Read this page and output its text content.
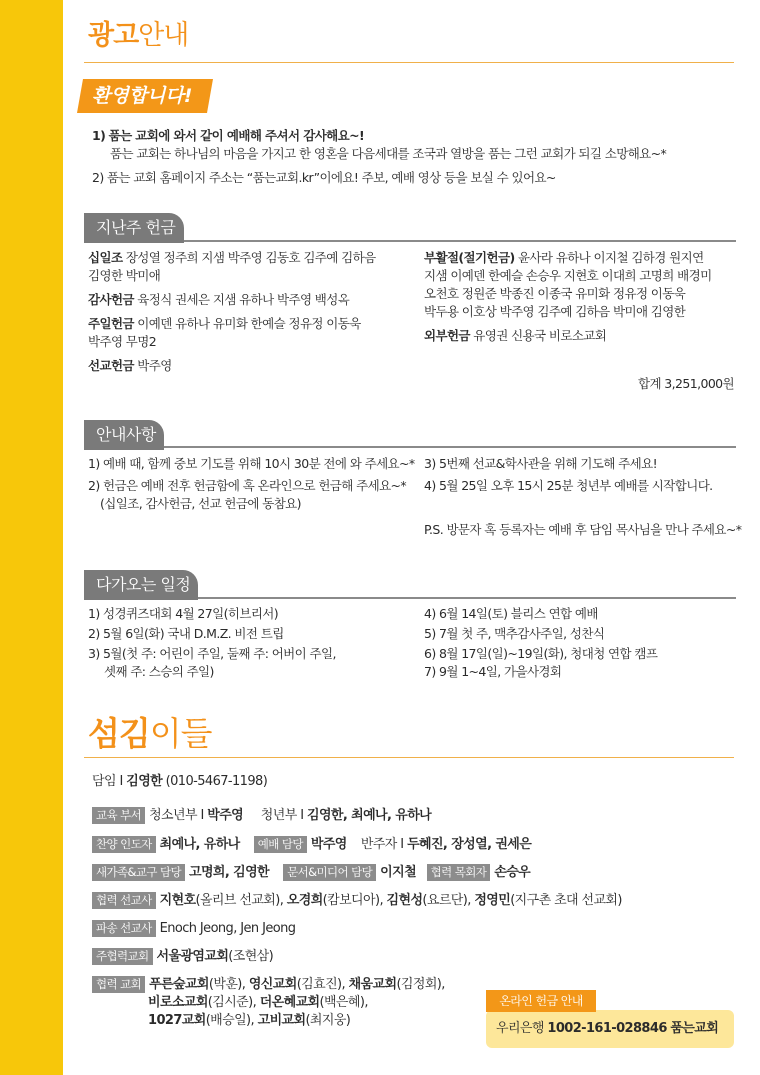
광고안내
환영합니다!
1) 품는 교회에 와서 같이 예배해 주셔서 감사해요~!
품는 교회는 하나님의 마음을 가지고 한 영혼을 다음세대를 조국과 열방을 품는 그런 교회가 되길 소망해요~*
2) 품는 교회 홈페이지 주소는 “품는교회.kr”이에요! 주보, 예배 영상 등을 보실 수 있어요~
지난주 헌금
십일조 장성열 정주희 지샘 박주영 김동호 김주예 김하음
김영한 박미애
감사헌금 육정식 권세은 지샘 유하나 박주영 백성옥
주일헌금 이예덴 유하나 유미화 한예슬 정유정 이동욱
박주영 무명2
선교헌금 박주영
부활절(절기헌금) 윤사라 유하나 이지철 김하경 원지연
지샘 이예덴 한예슬 손승우 지현호 이대희 고명희 배경미
오천호 정원준 박종진 이종국 유미화 정유정 이동욱
박두용 이호상 박주영 김주예 김하음 박미애 김영한
외부헌금 유영권 신용국 비로소교회
합계 3,251,000원
안내사항
1) 예배 때, 함께 중보 기도를 위해 10시 30분 전에 와 주세요~*
2) 헌금은 예배 전후 헌금함에 혹 온라인으로 헌금해 주세요~*
(십일조, 감사헌금, 선교 헌금에 동참요)
3) 5번째 선교&학사관을 위해 기도해 주세요!
4) 5월 25일 오후 15시 25분 청년부 예배를 시작합니다.
P.S. 방문자 혹 등록자는 예배 후 담임 목사님을 만나 주세요~*
다가오는 일정
1) 성경퀴즈대회 4월 27일(히브리서)
2) 5월 6일(화) 국내 D.M.Z. 비전 트립
3) 5월(첫 주: 어린이 주일, 둘째 주: 어버이 주일,
셋째 주: 스승의 주일)
4) 6월 14일(토) 블리스 연합 예배
5) 7월 첫 주, 맥추감사주일, 성찬식
6) 8월 17일(일)~19일(화), 청대청 연합 캠프
7) 9월 1~4일, 가을사경회
섬김이들
담임 I 김영한 (010-5467-1198)
교육 부서 청소년부 I 박주영 청년부 I 김영한, 최예나, 유하나
찬양 인도자 최예나, 유하나 예배 담당 박주영 반주자 I 두혜진, 장성열, 권세은
새가족&교구 담당 고명희, 김영한 문서&미디어 담당 이지철 협력 목회자 손승우
협력 선교사 지현호(올리브 선교회), 오경희(캄보디아), 김현성(요르단), 정영민(지구촌 초대 선교회)
파송 선교사 Enoch Jeong, Jen Jeong
주협력교회 서울광염교회(조현삼)
협력 교회 푸른숲교회(박훈), 영신교회(김효진), 채움교회(김정회),
비로소교회(김시준), 더온혜교회(백은혜),
1027교회(배승일), 고비교회(최지웅)
우리은행 1002-161-028846 품는교회
온라인 헌금 안내
